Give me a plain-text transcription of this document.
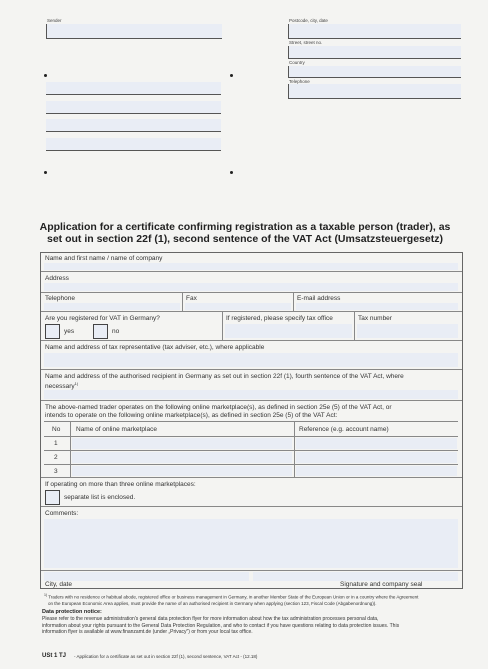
Sender	Postcode, city, date
Street, street no.
Country
Telephone
Application for a certificate confirming registration as a taxable person (trader), as
set out in section 22f (1), second sentence of the VAT Act (Umsatzsteuergesetz)
Name and first name / name of company
Address
Telephone	Fax	E-mail address
Are you registered for VAT in Germany?
yes	no
If registered, please specify tax office	Tax number
Name and address of tax representative (tax adviser, etc.), where applicable
Name and address of the authorised recipient in Germany as set out in section 22f (1), fourth sentence of the VAT Act, where
necessary$^{1)}$
The above-named trader operates on the following online marketplace(s), as defined in section 25e (5) of the VAT Act, or
intends to operate on the following online marketplace(s), as defined in section 25e (5) of the VAT Act:
No Name of online marketplace	Reference (e.g. account name)
1
2
3
If operating on more than three online marketplaces:
separate list is enclosed.
Comments:
City, date	Signature and company seal
$^{1)}$ Traders with no residence or habitual abode, registered office or business management in Germany, in another Member State of the European Union or in a country where the Agreement
on the European Economic Area applies, must provide the name of an authorised recipient in Germany when applying (section 123, Fiscal Code (Abgabenordnung)).
Data protection notice:
Please refer to the revenue administration's general data protection flyer for more information about how the tax administration processes personal data,
information about your rights pursuant to the General Data Protection Regulation, and who to contact if you have questions relating to data protection issues. This
information flyer is available at www.finanzamt.de (under „Privacy") or from your local tax office.
USt 1 TJ - Application for a certificate as set out in section 22f (1), second sentence, VAT Act - (12.18)
